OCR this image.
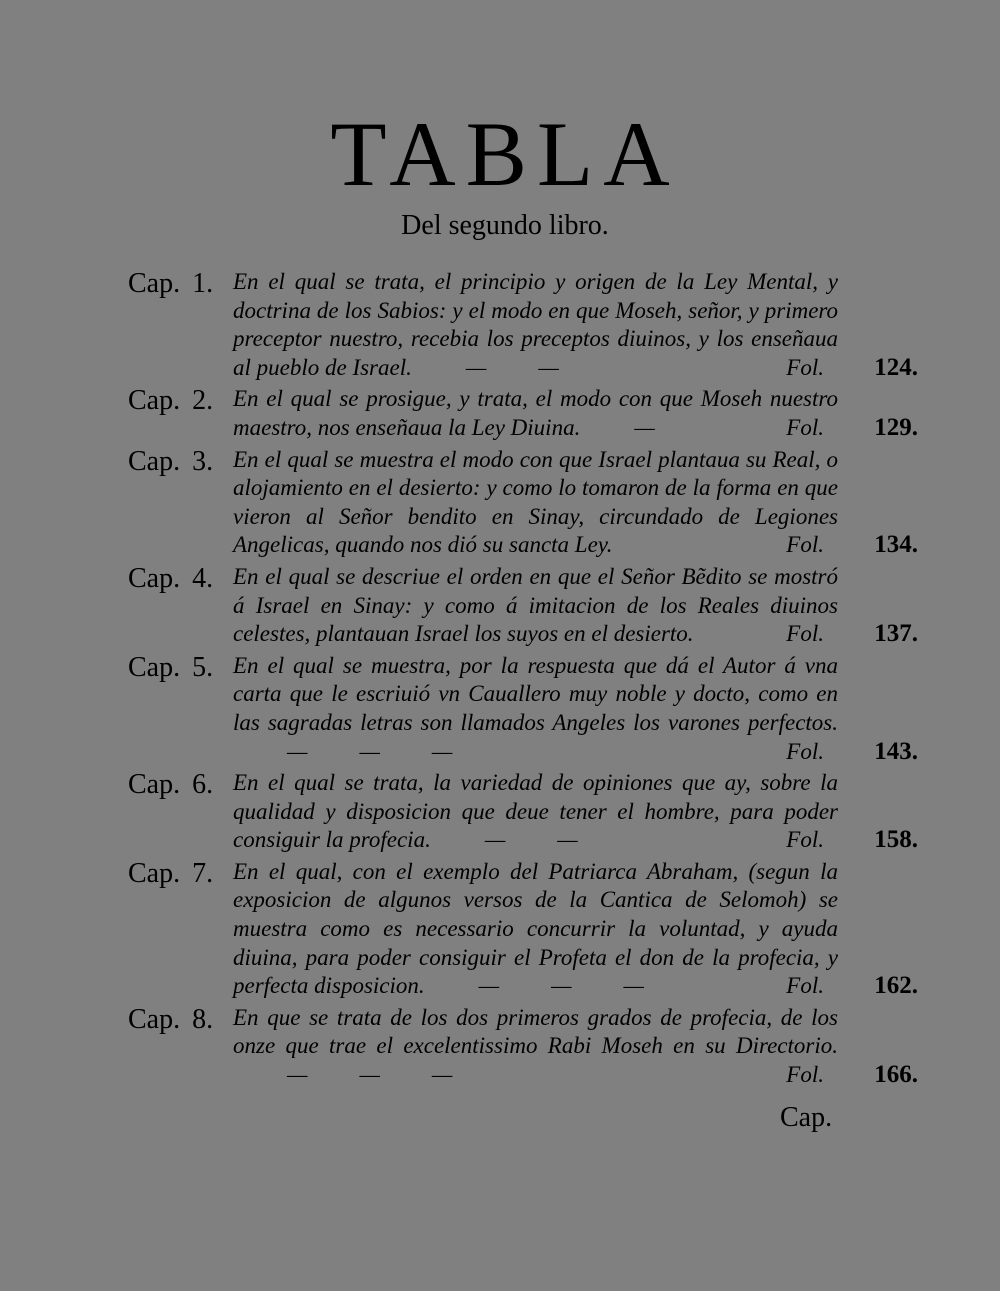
TABLA
Del segundo libro.
Cap. 1. En el qual se trata, el principio y origen de la Ley Mental, y doctrina de los Sabios: y el modo en que Moseh, señor, y primero preceptor nuestro, recebia los preceptos diuinos, y los enseñaua al pueblo de Israel. — —	Fol. 124.
Cap. 2. En el qual se prosigue, y trata, el modo con que Moseh nuestro maestro, nos enseñaua la Ley Diuina. —	Fol. 129.
Cap. 3. En el qual se muestra el modo con que Israel plantaua su Real, o alojamiento en el desierto: y como lo tomaron de la forma en que vieron al Señor bendito en Sinay, circundado de Legiones Angelicas, quando nos dió su sancta Ley.	Fol. 134.
Cap. 4. En el qual se descriue el orden en que el Señor Bẽdito se mostró á Israel en Sinay: y como á imitacion de los Reales diuinos celestes, plantauan Israel los suyos en el desierto.	Fol. 137.
Cap. 5. En el qual se muestra, por la respuesta que dá el Autor á vna carta que le escriuió vn Cauallero muy noble y docto, como en las sagradas letras son llamados Angeles los varones perfectos.— — —	Fol. 143.
Cap. 6. En el qual se trata, la variedad de opiniones que ay, sobre la qualidad y disposicion que deue tener el hombre, para poder consiguir la profecia. — —	Fol. 158.
Cap. 7. En el qual, con el exemplo del Patriarca Abraham, (segun la exposicion de algunos versos de la Cantica de Selomoh) se muestra como es necessario concurrir la voluntad, y ayuda diuina, para poder consiguir el Profeta el don de la profecia, y perfecta disposicion. — — —	Fol. 162.
Cap. 8. En que se trata de los dos primeros grados de profecia, de los onze que trae el excelentissimo Rabi Moseh en su Directorio.— — —	Fol. 166.
Cap.
